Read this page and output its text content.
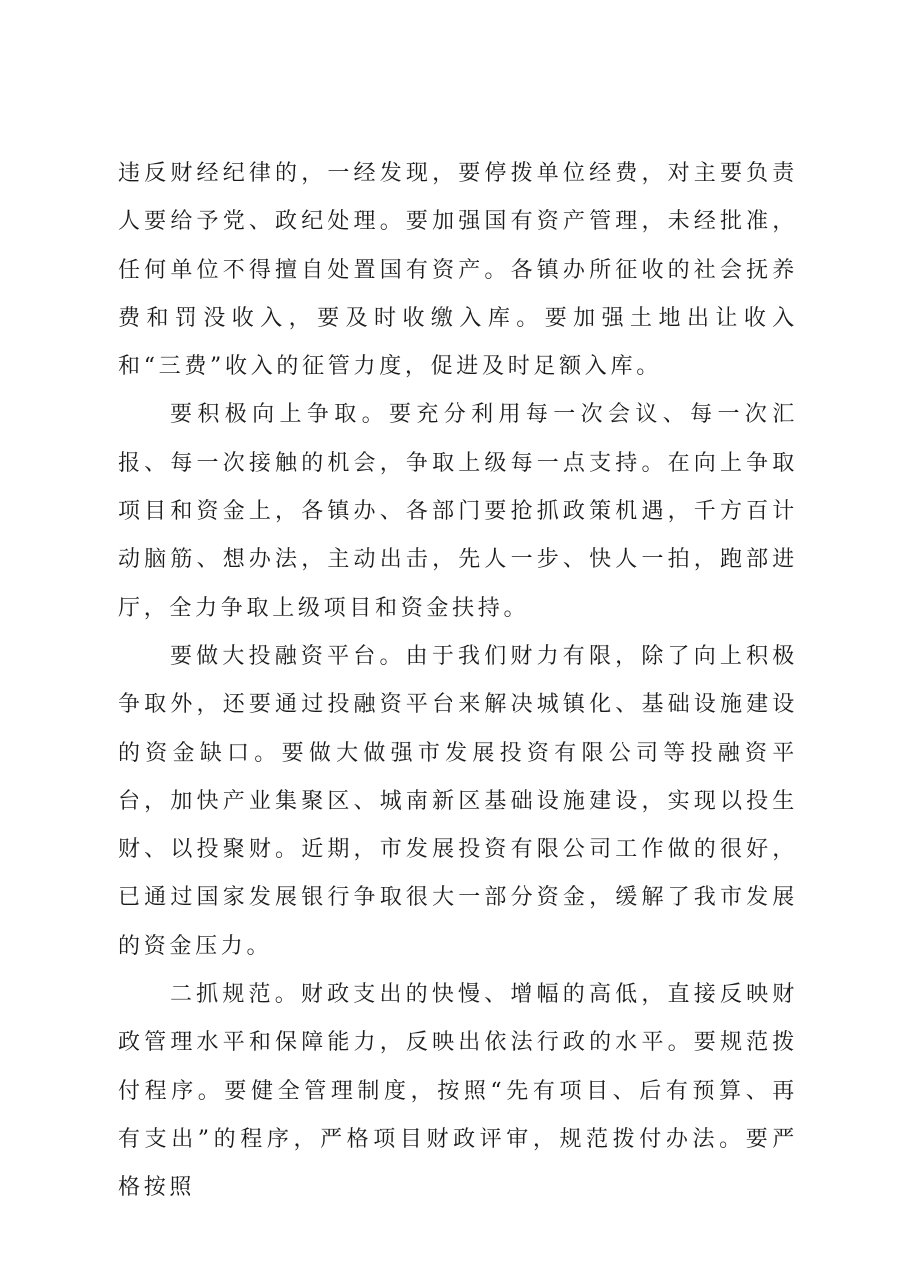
违反财经纪律的，一经发现，要停拨单位经费，对主要负责人要给予党、政纪处理。要加强国有资产管理，未经批准，任何单位不得擅自处置国有资产。各镇办所征收的社会抚养费和罚没收入，要及时收缴入库。要加强土地出让收入和“三费”收入的征管力度，促进及时足额入库。

要积极向上争取。要充分利用每一次会议、每一次汇报、每一次接触的机会，争取上级每一点支持。在向上争取项目和资金上，各镇办、各部门要抢抓政策机遇，千方百计动脑筋、想办法，主动出击，先人一步、快人一拍，跑部进厅，全力争取上级项目和资金扶持。

要做大投融资平台。由于我们财力有限，除了向上积极争取外，还要通过投融资平台来解决城镇化、基础设施建设的资金缺口。要做大做强市发展投资有限公司等投融资平台，加快产业集聚区、城南新区基础设施建设，实现以投生财、以投聚财。近期，市发展投资有限公司工作做的很好，已通过国家发展银行争取很大一部分资金，缓解了我市发展的资金压力。

二抓规范。财政支出的快慢、增幅的高低，直接反映财政管理水平和保障能力，反映出依法行政的水平。要规范拨付程序。要健全管理制度，按照“先有项目、后有预算、再有支出”的程序，严格项目财政评审，规范拨付办法。要严格按照
